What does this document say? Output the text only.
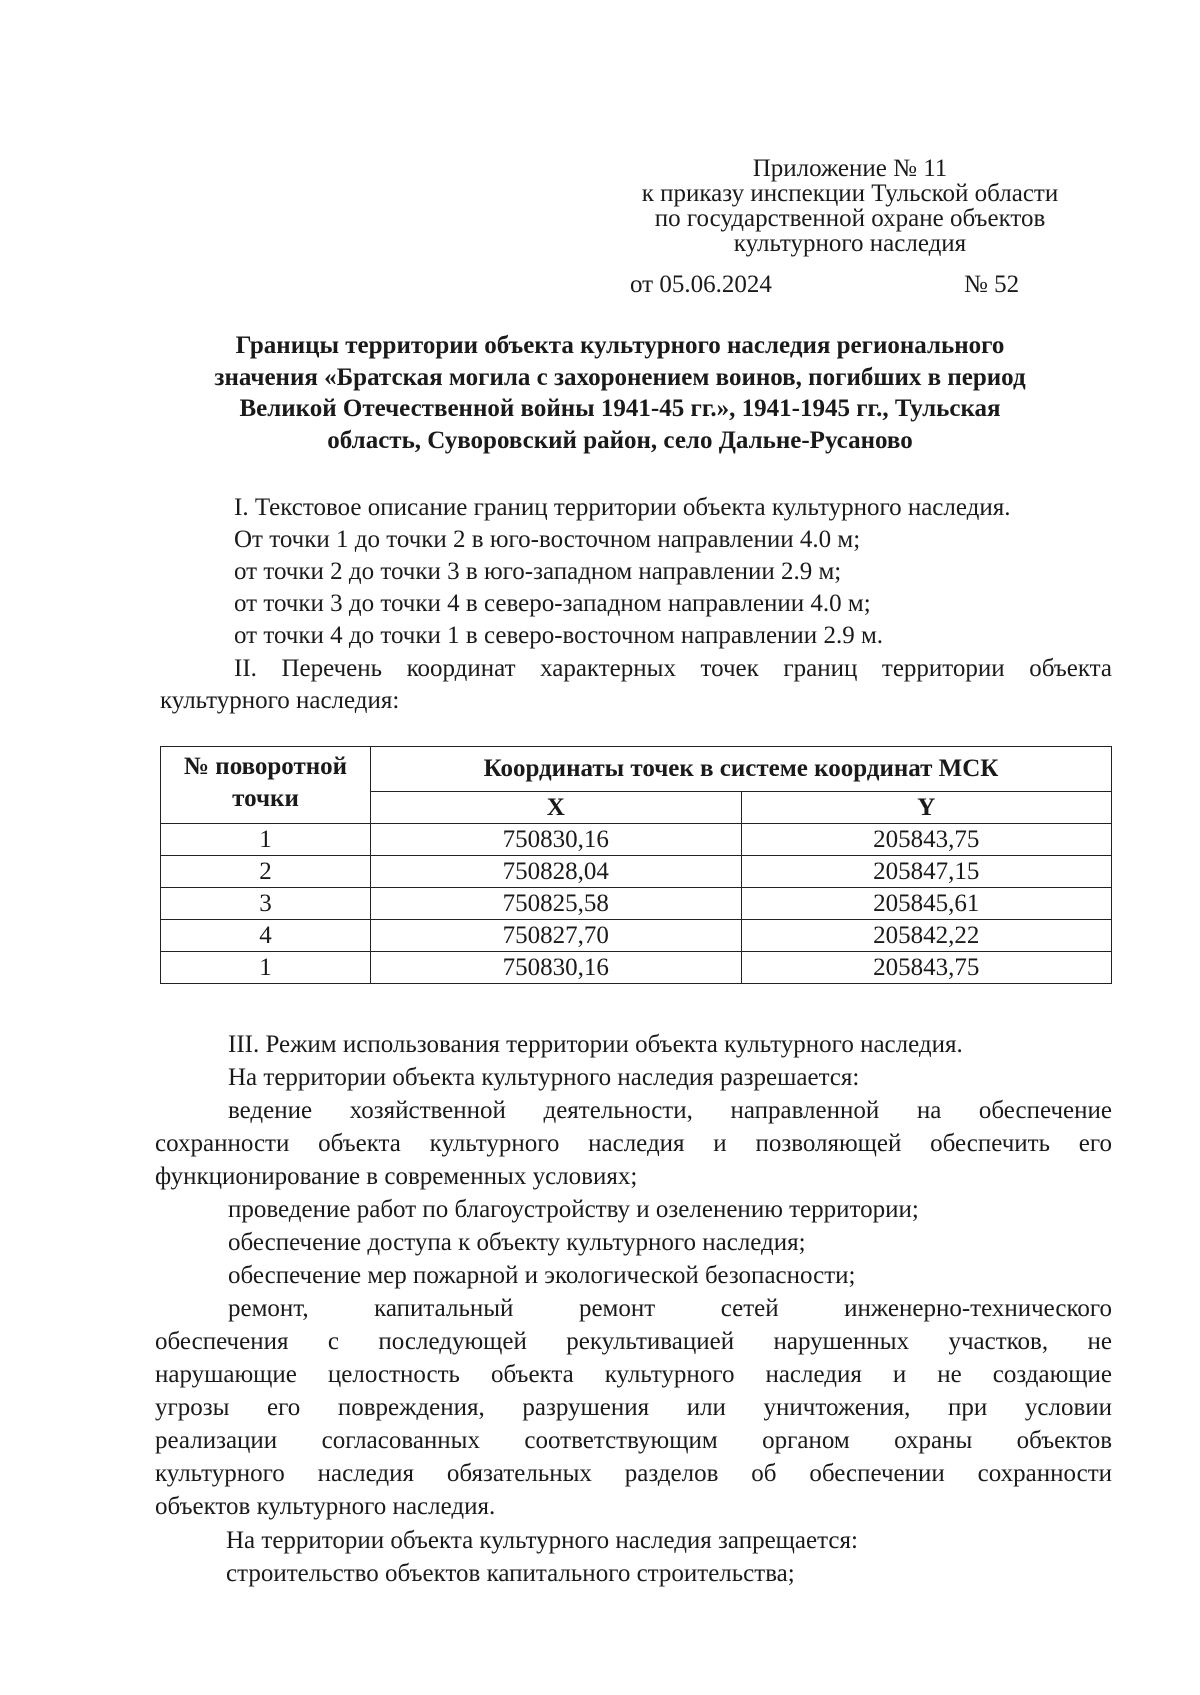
Приложение № 11
к приказу инспекции Тульской области
по государственной охране объектов
культурного наследия
от 05.06.2024	№ 52
Границы территории объекта культурного наследия регионального
значения «Братская могила с захоронением воинов, погибших в период
Великой Отечественной войны 1941-45 гг.», 1941-1945 гг., Тульская
область, Суворовский район, село Дальне-Русаново
I. Текстовое описание границ территории объекта культурного наследия.
От точки 1 до точки 2 в юго-восточном направлении 4.0 м;
от точки 2 до точки 3 в юго-западном направлении 2.9 м;
от точки 3 до точки 4 в северо-западном направлении 4.0 м;
от точки 4 до точки 1 в северо-восточном направлении 2.9 м.
II. Перечень координат характерных точек границ территории объекта
культурного наследия:
№ поворотной точки	Координаты точек в системе координат МСК	
	X	Y
1	750830,16	205843,75
2	750828,04	205847,15
3	750825,58	205845,61
4	750827,70	205842,22
1	750830,16	205843,75
III. Режим использования территории объекта культурного наследия.
На территории объекта культурного наследия разрешается:
ведение хозяйственной деятельности, направленной на обеспечение
сохранности объекта культурного наследия и позволяющей обеспечить его
функционирование в современных условиях;
проведение работ по благоустройству и озеленению территории;
обеспечение доступа к объекту культурного наследия;
обеспечение мер пожарной и экологической безопасности;
ремонт, капитальный ремонт сетей инженерно-технического
обеспечения с последующей рекультивацией нарушенных участков, не
нарушающие целостность объекта культурного наследия и не создающие
угрозы его повреждения, разрушения или уничтожения, при условии
реализации согласованных соответствующим органом охраны объектов
культурного наследия обязательных разделов об обеспечении сохранности
объектов культурного наследия.
На территории объекта культурного наследия запрещается:
строительство объектов капитального строительства;
